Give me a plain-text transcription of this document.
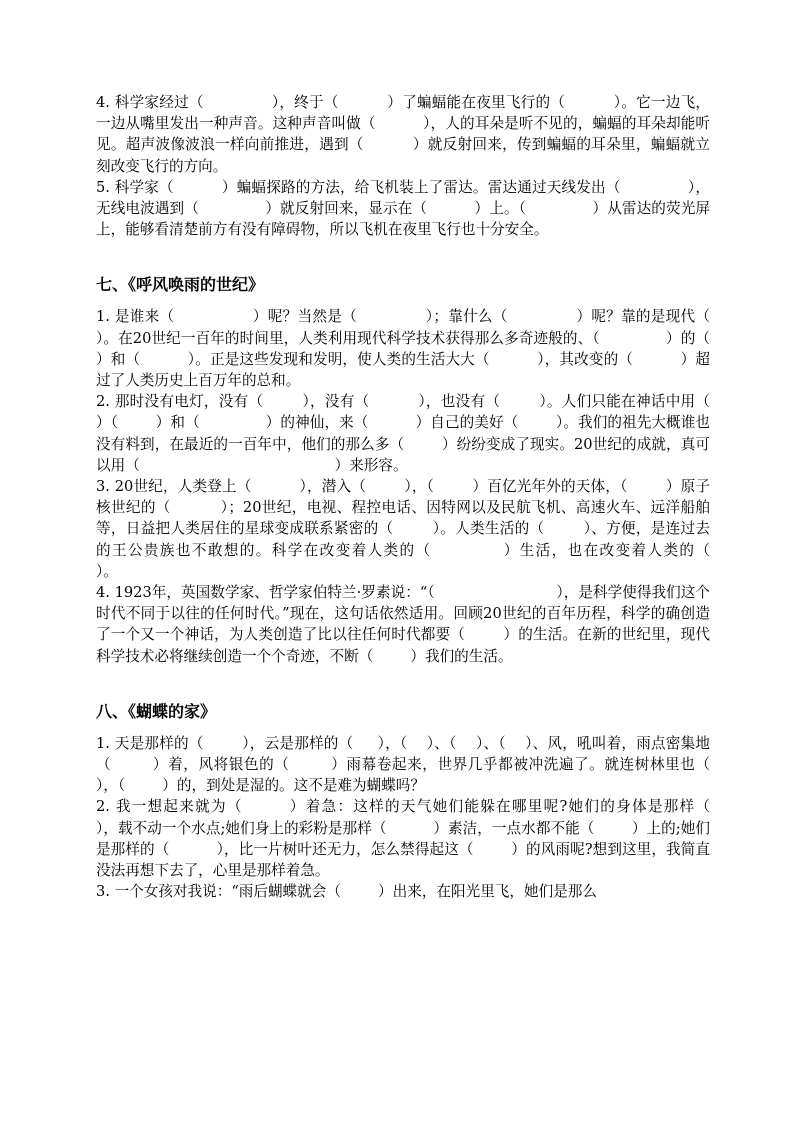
4. 科学家经过（              ），终于（          ）了蝙蝠能在夜里飞行的（          ）。它一边飞，一边从嘴里发出一种声音。这种声音叫做（          ），人的耳朵是听不见的，蝙蝠的耳朵却能听见。超声波像波浪一样向前推进，遇到（          ）就反射回来，传到蝙蝠的耳朵里，蝙蝠就立刻改变飞行的方向。

5. 科学家（          ）蝙蝠探路的方法，给飞机装上了雷达。雷达通过天线发出（              ），无线电波遇到（              ）就反射回来，显示在（          ）上。（              ）从雷达的荧光屏上，能够看清楚前方有没有障碍物，所以飞机在夜里飞行也十分安全。

七、《呼风唤雨的世纪》

1. 是谁来（                ）呢？当然是（              ）；靠什么（              ）呢？靠的是现代（              ）。在20世纪一百年的时间里，人类利用现代科学技术获得那么多奇迹般的、（              ）的（          ）和（          ）。正是这些发现和发明，使人类的生活大大（          ），其改变的（          ）超过了人类历史上百万年的总和。

2. 那时没有电灯，没有（        ），没有（          ），也没有（        ）。人们只能在神话中用（        ）（        ）和（              ）的神仙，来（          ）自己的美好（        ）。我们的祖先大概谁也没有料到，在最近的一百年中，他们的那么多（        ）纷纷变成了现实。20世纪的成就，真可以用（                                          ）来形容。

3. 20世纪，人类登上（          ），潜入（        ），（        ）百亿光年外的天体，（        ）原子核世纪的（          ）；20世纪，电视、程控电话、因特网以及民航飞机、高速火车、远洋船舶等，日益把人类居住的星球变成联系紧密的（        ）。人类生活的（        ）、方便，是连过去的王公贵族也不敢想的。科学在改变着人类的（            ）生活，也在改变着人类的（              ）。

4. 1923年，英国数学家、哲学家伯特兰·罗素说：“（                          ），是科学使得我们这个时代不同于以往的任何时代。”现在，这句话依然适用。回顾20世纪的百年历程，科学的确创造了一个又一个神话，为人类创造了比以往任何时代都要（        ）的生活。在新的世纪里，现代科学技术必将继续创造一个个奇迹，不断（        ）我们的生活。

八、《蝴蝶的家》

1. 天是那样的（        ），云是那样的（     ），（    ）、（    ）、（    ）、风，吼叫着，雨点密集地（        ）着，风将银色的（        ）雨幕卷起来，世界几乎都被冲洗遍了。就连树林里也（          ），（        ）的，到处是湿的。这不是难为蝴蝶吗？

2. 我一想起来就为（        ）着急：这样的天气她们能躲在哪里呢?她们的身体是那样（        ），载不动一个水点;她们身上的彩粉是那样（          ）素洁，一点水都不能（        ）上的;她们是那样的（          ），比一片树叶还无力，怎么禁得起这（        ）的风雨呢?想到这里，我简直没法再想下去了，心里是那样着急。

3. 一个女孩对我说：“雨后蝴蝶就会（        ）出来，在阳光里飞，她们是那么
